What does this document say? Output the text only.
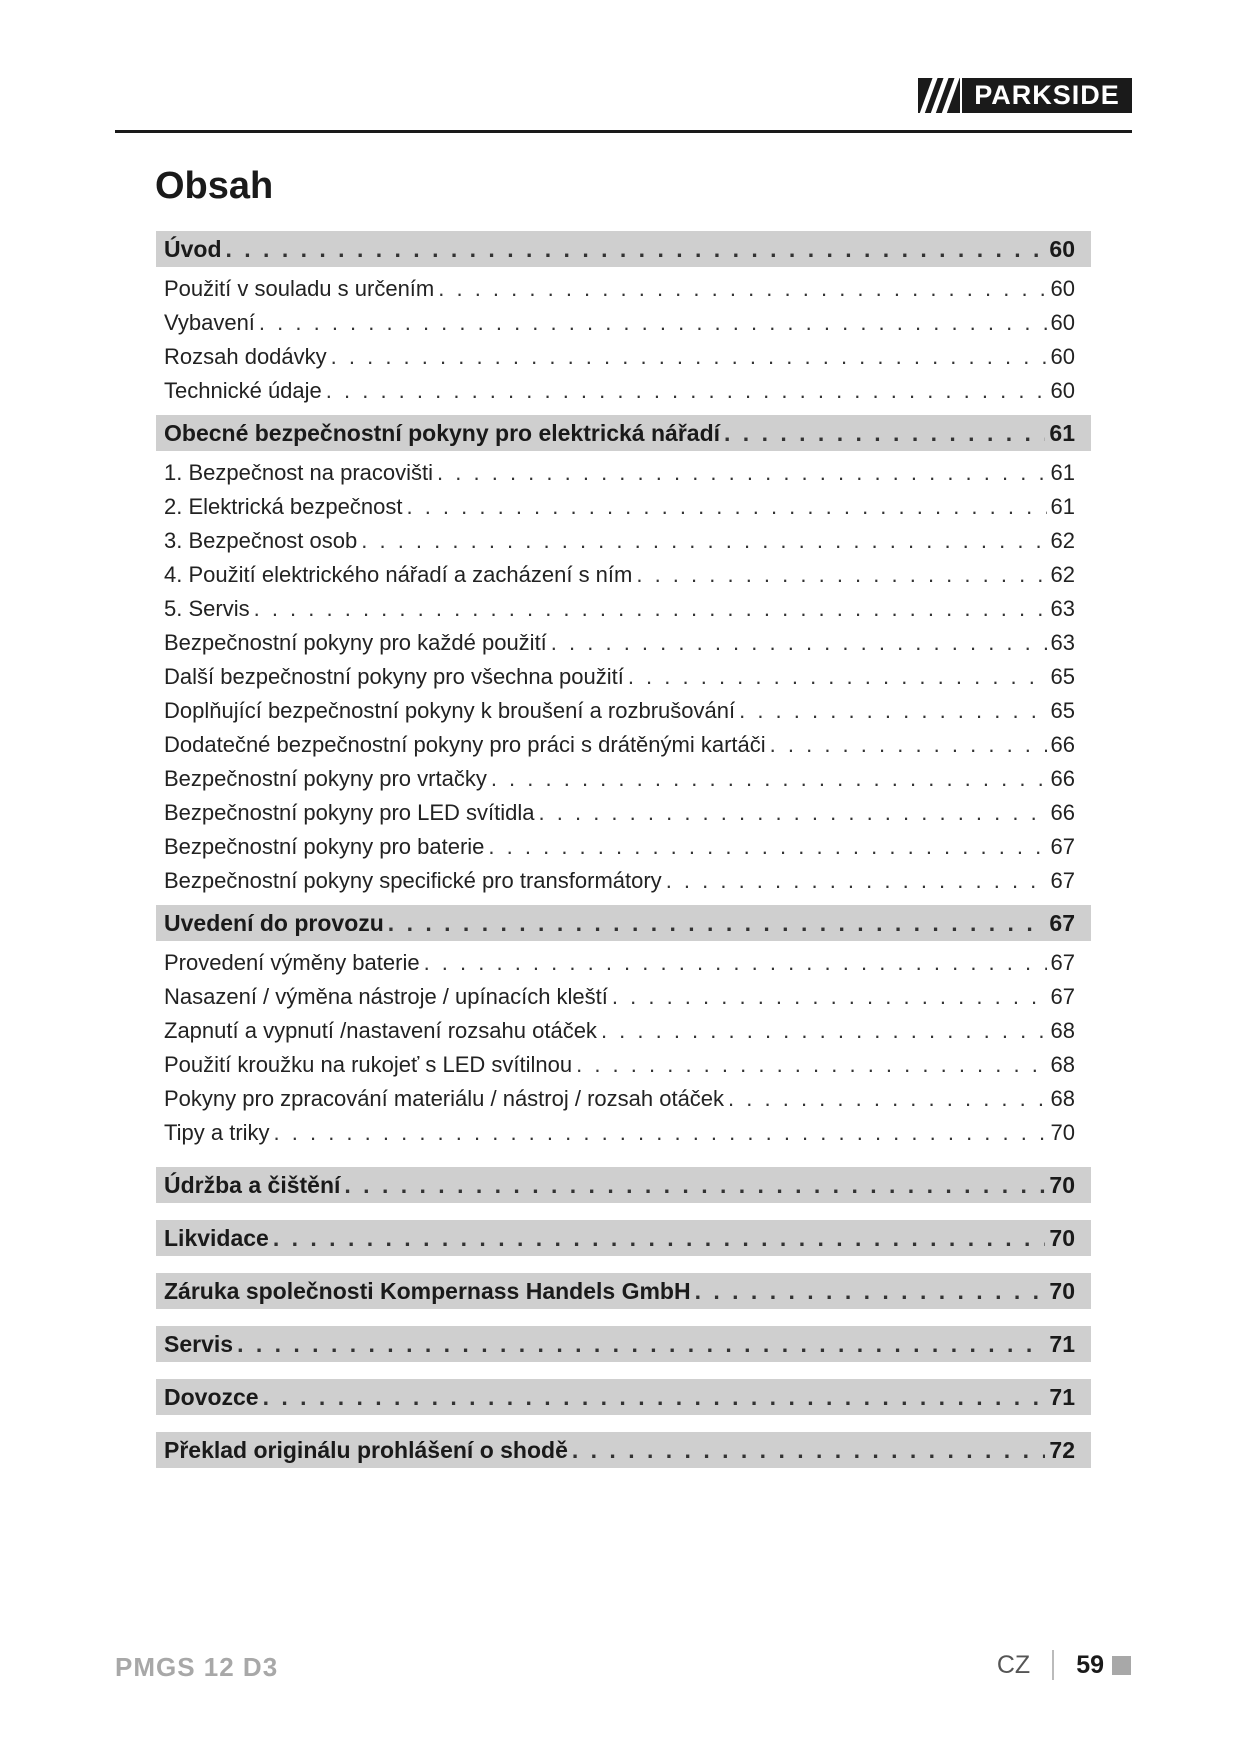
PARKSIDE
Obsah
Úvod . . .	60
Použití v souladu s určením . . .	60
Vybavení . . .	60
Rozsah dodávky . . .	60
Technické údaje . . .	60
Obecné bezpečnostní pokyny pro elektrická nářadí . . .	61
1. Bezpečnost na pracovišti . . .	61
2. Elektrická bezpečnost . . .	61
3. Bezpečnost osob . . .	62
4. Použití elektrického nářadí a zacházení s ním . . .	62
5. Servis . . .	63
Bezpečnostní pokyny pro každé použití . . .	63
Další bezpečnostní pokyny pro všechna použití . . .	65
Doplňující bezpečnostní pokyny k broušení a rozbrušování . . .	65
Dodatečné bezpečnostní pokyny pro práci s drátěnými kartáči . . .	66
Bezpečnostní pokyny pro vrtačky . . .	66
Bezpečnostní pokyny pro LED svítidla . . .	66
Bezpečnostní pokyny pro baterie . . .	67
Bezpečnostní pokyny specifické pro transformátory . . .	67
Uvedení do provozu . . .	67
Provedení výměny baterie . . .	67
Nasazení / výměna nástroje / upínacích kleští . . .	67
Zapnutí a vypnutí /nastavení rozsahu otáček . . .	68
Použití kroužku na rukojeť s LED svítilnou . . .	68
Pokyny pro zpracování materiálu / nástroj / rozsah otáček . . .	68
Tipy a triky . . .	70
Údržba a čištění . . .	70
Likvidace . . .	70
Záruka společnosti Kompernass Handels GmbH . . .	70
Servis . . .	71
Dovozce . . .	71
Překlad originálu prohlášení o shodě . . .	72
PMGS 12 D3	CZ 59
